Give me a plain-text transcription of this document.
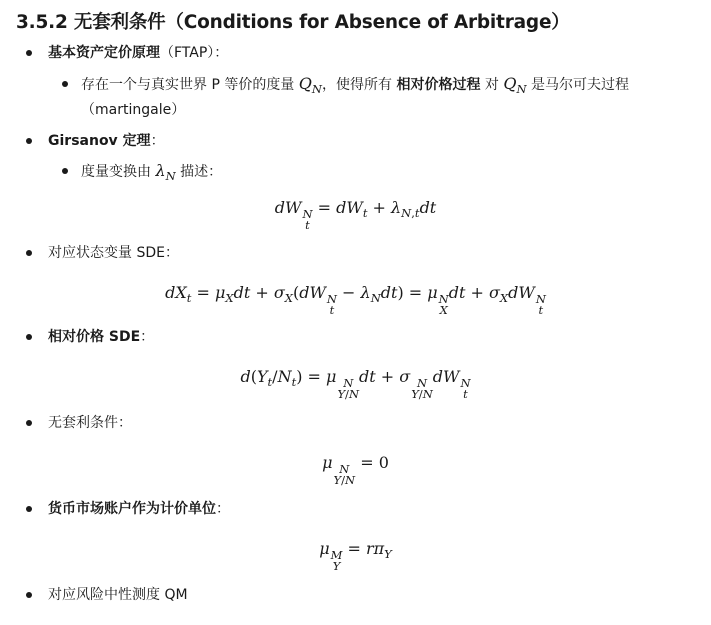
3.5.2 无套利条件（Conditions for Absence of Arbitrage）
基本资产定价原理（FTAP）：
存在一个与真实世界 P 等价的度量 $Q_N$，使得所有 相对价格过程 对 $Q_N$ 是马尔可夫过程
（martingale）
Girsanov 定理：
度量变换由 $\lambda_N$ 描述：
dW N
t
= $dW_t + \lambda_{N,t}dt$
对应状态变量 SDE：
$dX_t = \mu_Xdt + \sigma_X(dW$ N
t
− $\lambda_Ndt) = \mu$ N
X
dt + $\sigma_XdW$ N
t
相对价格 SDE：
$d(Y_t/N_t) = \mu$ N
Y/N
dt + σ N
Y/N
dW N
t
无套利条件：
μ N
Y/N
= 0
货币市场账户作为计价单位：
μ M
Y
= $r\pi_Y$
对应风险中性测度 QM
